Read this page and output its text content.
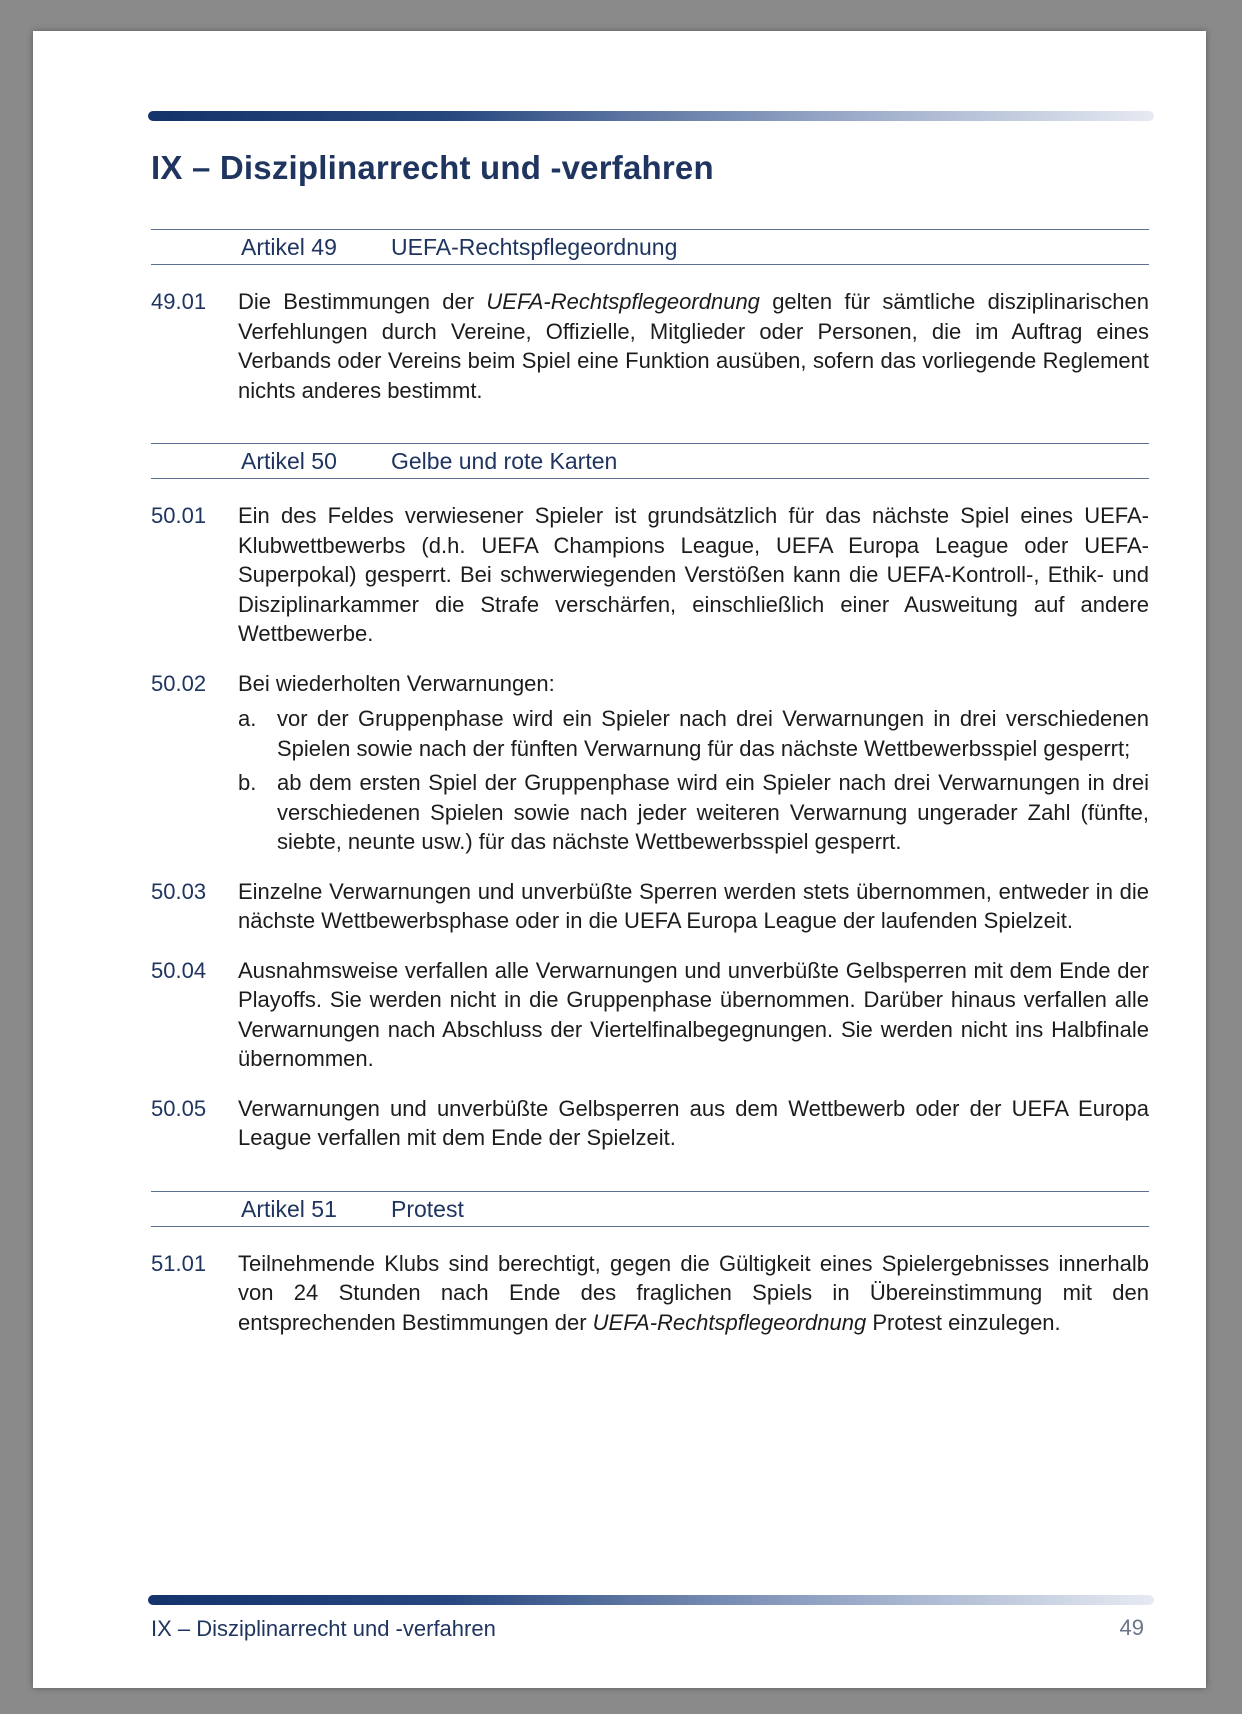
IX – Disziplinarrecht und -verfahren
Artikel 49 UEFA-Rechtspflegeordnung
49.01	Die Bestimmungen der UEFA-Rechtspflegeordnung gelten für sämtliche disziplinarischen Verfehlungen durch Vereine, Offizielle, Mitglieder oder Personen, die im Auftrag eines Verbands oder Vereins beim Spiel eine Funktion ausüben, sofern das vorliegende Reglement nichts anderes bestimmt.
Artikel 50 Gelbe und rote Karten
50.01	Ein des Feldes verwiesener Spieler ist grundsätzlich für das nächste Spiel eines UEFA-Klubwettbewerbs (d.h. UEFA Champions League, UEFA Europa League oder UEFA-Superpokal) gesperrt. Bei schwerwiegenden Verstößen kann die UEFA-Kontroll-, Ethik- und Disziplinarkammer die Strafe verschärfen, einschließlich einer Ausweitung auf andere Wettbewerbe.
50.02	Bei wiederholten Verwarnungen:

a. vor der Gruppenphase wird ein Spieler nach drei Verwarnungen in drei verschiedenen Spielen sowie nach der fünften Verwarnung für das nächste Wettbewerbsspiel gesperrt;
b. ab dem ersten Spiel der Gruppenphase wird ein Spieler nach drei Verwarnungen in drei verschiedenen Spielen sowie nach jeder weiteren Verwarnung ungerader Zahl (fünfte, siebte, neunte usw.) für das nächste Wettbewerbsspiel gesperrt.
50.03	Einzelne Verwarnungen und unverbüßte Sperren werden stets übernommen, entweder in die nächste Wettbewerbsphase oder in die UEFA Europa League der laufenden Spielzeit.
50.04	Ausnahmsweise verfallen alle Verwarnungen und unverbüßte Gelbsperren mit dem Ende der Playoffs. Sie werden nicht in die Gruppenphase übernommen. Darüber hinaus verfallen alle Verwarnungen nach Abschluss der Viertelfinalbegegnungen. Sie werden nicht ins Halbfinale übernommen.
50.05	Verwarnungen und unverbüßte Gelbsperren aus dem Wettbewerb oder der UEFA Europa League verfallen mit dem Ende der Spielzeit.
Artikel 51 Protest
51.01	Teilnehmende Klubs sind berechtigt, gegen die Gültigkeit eines Spielergebnisses innerhalb von 24 Stunden nach Ende des fraglichen Spiels in Übereinstimmung mit den entsprechenden Bestimmungen der UEFA-Rechtspflegeordnung Protest einzulegen.
IX – Disziplinarrecht und -verfahren	49
